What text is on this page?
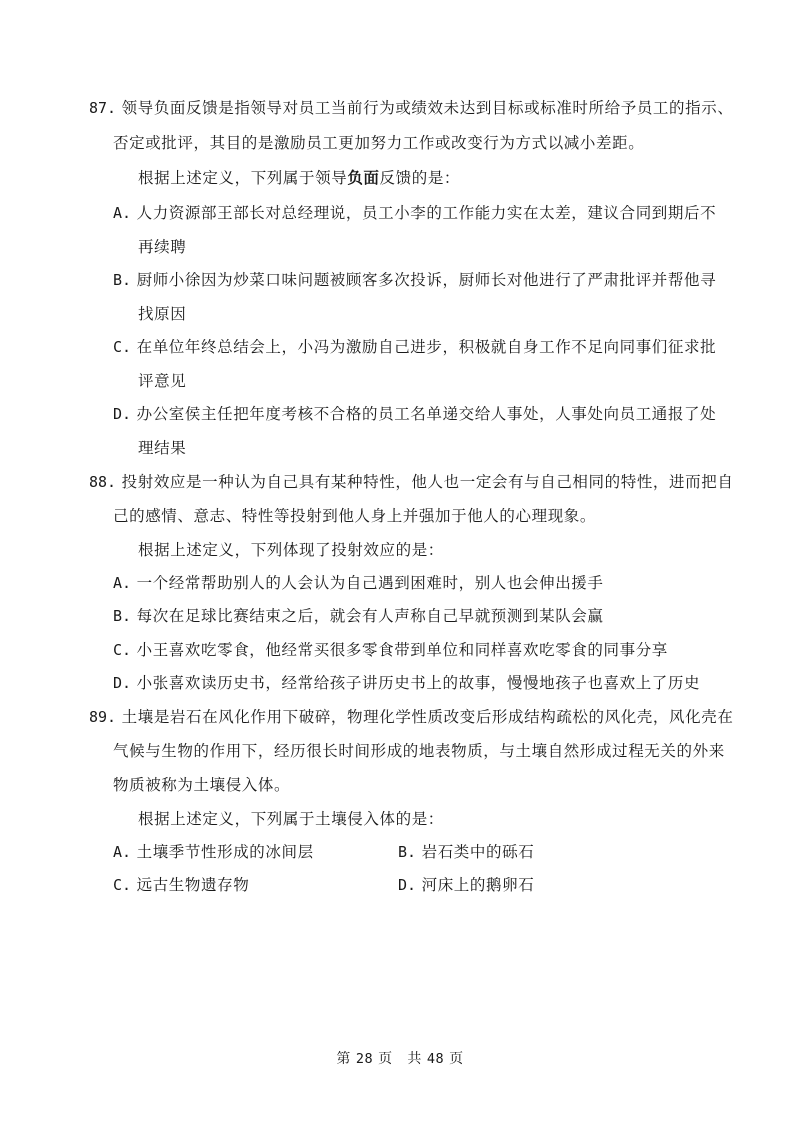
87. 领导负面反馈是指领导对员工当前行为或绩效未达到目标或标准时所给予员工的指示、
否定或批评，其目的是激励员工更加努力工作或改变行为方式以减小差距。
根据上述定义，下列属于领导负面反馈的是：
A. 人力资源部王部长对总经理说，员工小李的工作能力实在太差，建议合同到期后不
再续聘
B. 厨师小徐因为炒菜口味问题被顾客多次投诉，厨师长对他进行了严肃批评并帮他寻
找原因
C. 在单位年终总结会上，小冯为激励自己进步，积极就自身工作不足向同事们征求批
评意见
D. 办公室侯主任把年度考核不合格的员工名单递交给人事处，人事处向员工通报了处
理结果
88. 投射效应是一种认为自己具有某种特性，他人也一定会有与自己相同的特性，进而把自
己的感情、意志、特性等投射到他人身上并强加于他人的心理现象。
根据上述定义，下列体现了投射效应的是：
A. 一个经常帮助别人的人会认为自己遇到困难时，别人也会伸出援手
B. 每次在足球比赛结束之后，就会有人声称自己早就预测到某队会赢
C. 小王喜欢吃零食，他经常买很多零食带到单位和同样喜欢吃零食的同事分享
D. 小张喜欢读历史书，经常给孩子讲历史书上的故事，慢慢地孩子也喜欢上了历史
89. 土壤是岩石在风化作用下破碎，物理化学性质改变后形成结构疏松的风化壳，风化壳在
气候与生物的作用下，经历很长时间形成的地表物质，与土壤自然形成过程无关的外来
物质被称为土壤侵入体。
根据上述定义，下列属于土壤侵入体的是：
A. 土壤季节性形成的冰间层	B. 岩石类中的砾石
C. 远古生物遗存物	D. 河床上的鹅卵石
第 28 页 共 48 页
